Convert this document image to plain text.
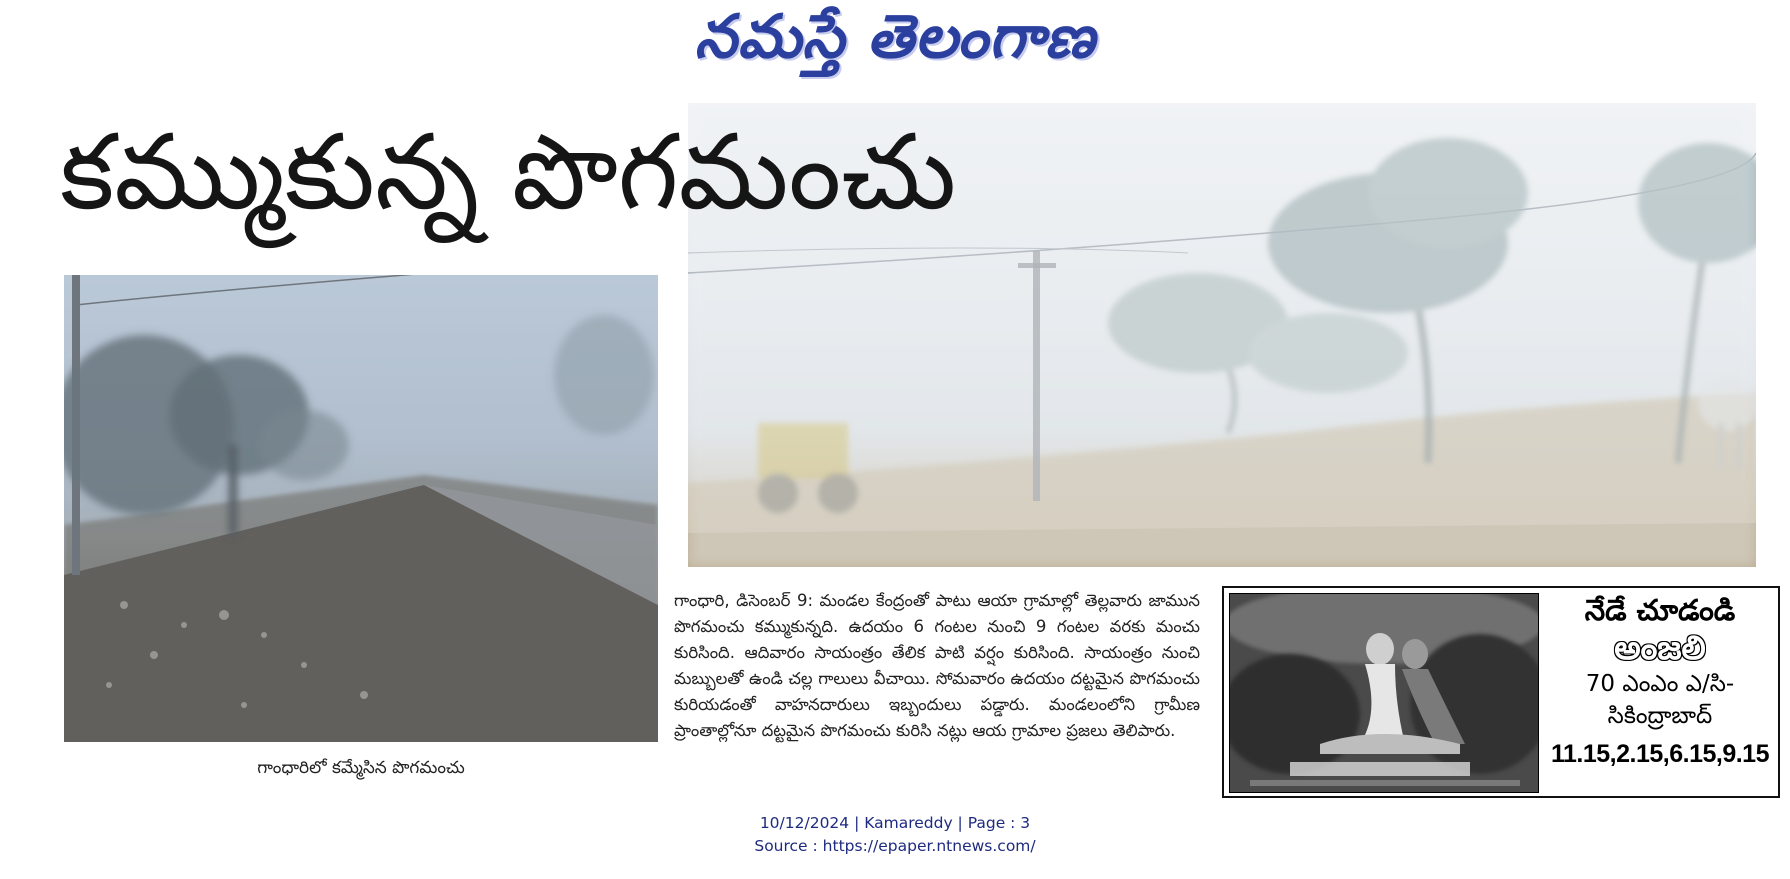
నమస్తే తెలంగాణ
కమ్ముకున్న పొగమంచు
గాంధారిలో కమ్మేసిన పొగమంచు
గాంధారి, డిసెంబర్ 9: మండల కేంద్రంతో పాటు ఆయా గ్రామాల్లో తెల్లవారు జామున పొగమంచు కమ్ముకున్నది. ఉదయం 6 గంటల నుంచి 9 గంటల వరకు మంచు కురిసింది. ఆదివారం సాయంత్రం తేలిక పాటి వర్షం కురిసింది. సాయంత్రం నుంచి మబ్బులతో ఉండి చల్ల గాలులు వీచాయి. సోమవారం ఉదయం దట్టమైన పొగమంచు కురియడంతో వాహనదారులు ఇబ్బందులు పడ్డారు. మండలంలోని గ్రామీణ ప్రాంతాల్లోనూ దట్టమైన పొగమంచు కురిసి నట్లు ఆయ గ్రామాల ప్రజలు తెలిపారు.
నేడే చూడండి
అంజలి
70 ఎంఎం ఎ/సి-
సికింద్రాబాద్
11.15,2.15,6.15,9.15
10/12/2024 | Kamareddy | Page : 3
Source : https://epaper.ntnews.com/
